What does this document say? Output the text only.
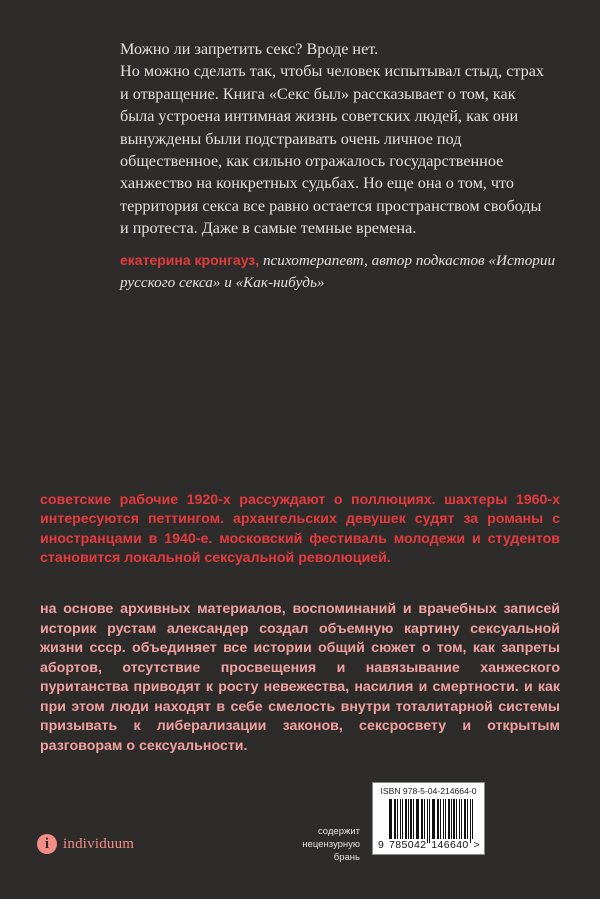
Можно ли запретить секс? Вроде нет.
Но можно сделать так, чтобы человек испытывал стыд, страх и отвращение. Книга «Секс был» рассказывает о том, как была устроена интимная жизнь советских людей, как они вынуждены были подстраивать очень личное под общественное, как сильно отражалось государственное ханжество на конкретных судьбах. Но еще она о том, что территория секса все равно остается пространством свободы и протеста. Даже в самые темные времена.

екатерина кронгауз, психотерапевт, автор подкастов «Истории русского секса» и «Как-нибудь»
советские рабочие 1920-х рассуждают о поллюциях. шахтеры 1960-х интересуются петтингом. архангельских девушек судят за романы с иностранцами в 1940-е. московский фестиваль молодежи и студентов становится локальной сексуальной революцией.
на основе архивных материалов, воспоминаний и врачебных записей историк рустам александер создал объемную картину сексуальной жизни ссср. объединяет все истории общий сюжет о том, как запреты абортов, отсутствие просвещения и навязывание ханжеского пуританства приводят к росту невежества, насилия и смертности. и как при этом люди находят в себе смелость внутри тоталитарной системы призывать к либерализации законов, сексросвету и открытым разговорам о сексуальности.
i individuum
содержит
нецензурную
брань
ISBN 978-5-04-214664-0
9 785042 146640 >
